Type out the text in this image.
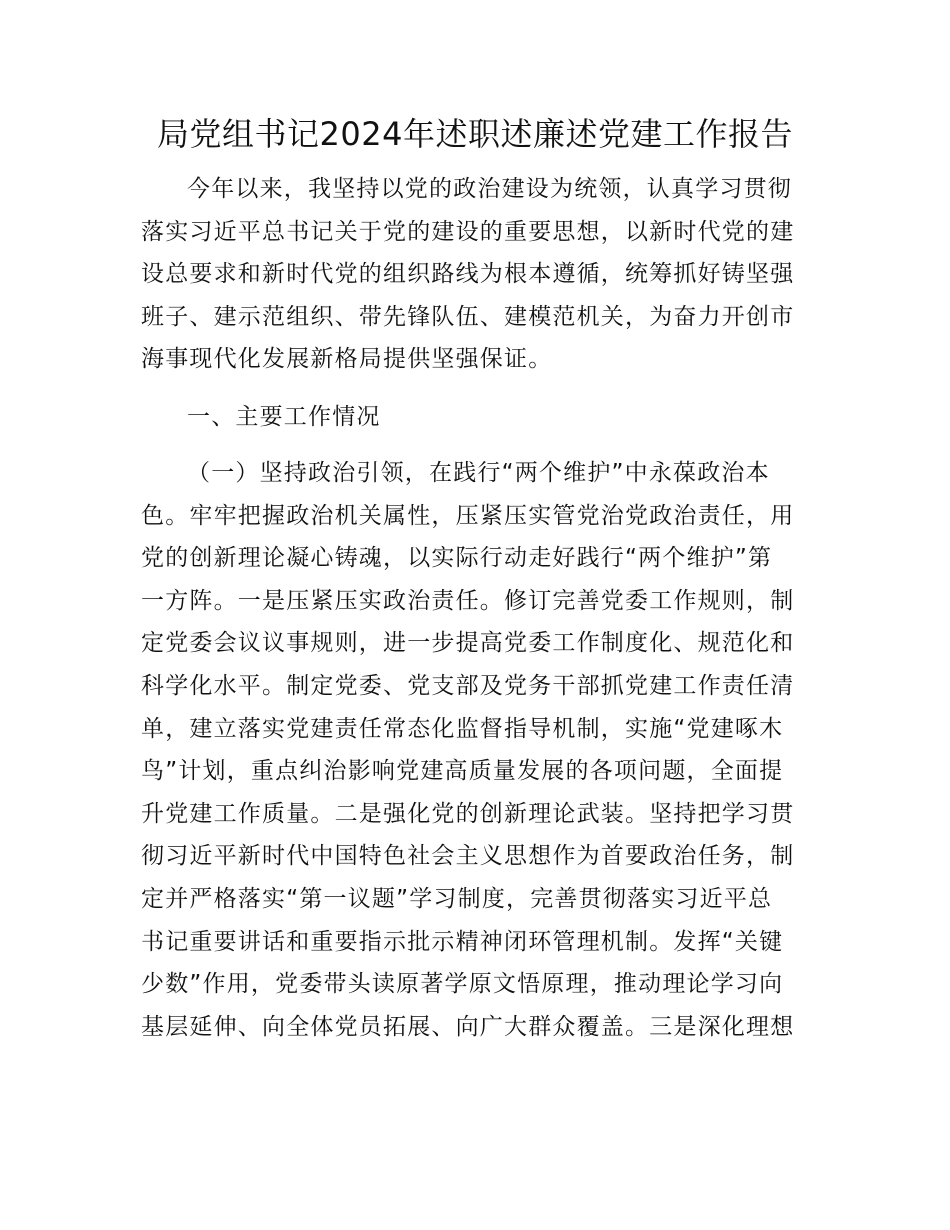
局党组书记2024年述职述廉述党建工作报告
今年以来，我坚持以党的政治建设为统领，认真学习贯彻
落实习近平总书记关于党的建设的重要思想，以新时代党的建
设总要求和新时代党的组织路线为根本遵循，统筹抓好铸坚强
班子、建示范组织、带先锋队伍、建模范机关，为奋力开创市
海事现代化发展新格局提供坚强保证。
一、主要工作情况
（一）坚持政治引领，在践行“两个维护”中永葆政治本
色。牢牢把握政治机关属性，压紧压实管党治党政治责任，用
党的创新理论凝心铸魂，以实际行动走好践行“两个维护”第
一方阵。一是压紧压实政治责任。修订完善党委工作规则，制
定党委会议议事规则，进一步提高党委工作制度化、规范化和
科学化水平。制定党委、党支部及党务干部抓党建工作责任清
单，建立落实党建责任常态化监督指导机制，实施“党建啄木
鸟”计划，重点纠治影响党建高质量发展的各项问题，全面提
升党建工作质量。二是强化党的创新理论武装。坚持把学习贯
彻习近平新时代中国特色社会主义思想作为首要政治任务，制
定并严格落实“第一议题”学习制度，完善贯彻落实习近平总
书记重要讲话和重要指示批示精神闭环管理机制。发挥“关键
少数”作用，党委带头读原著学原文悟原理，推动理论学习向
基层延伸、向全体党员拓展、向广大群众覆盖。三是深化理想
